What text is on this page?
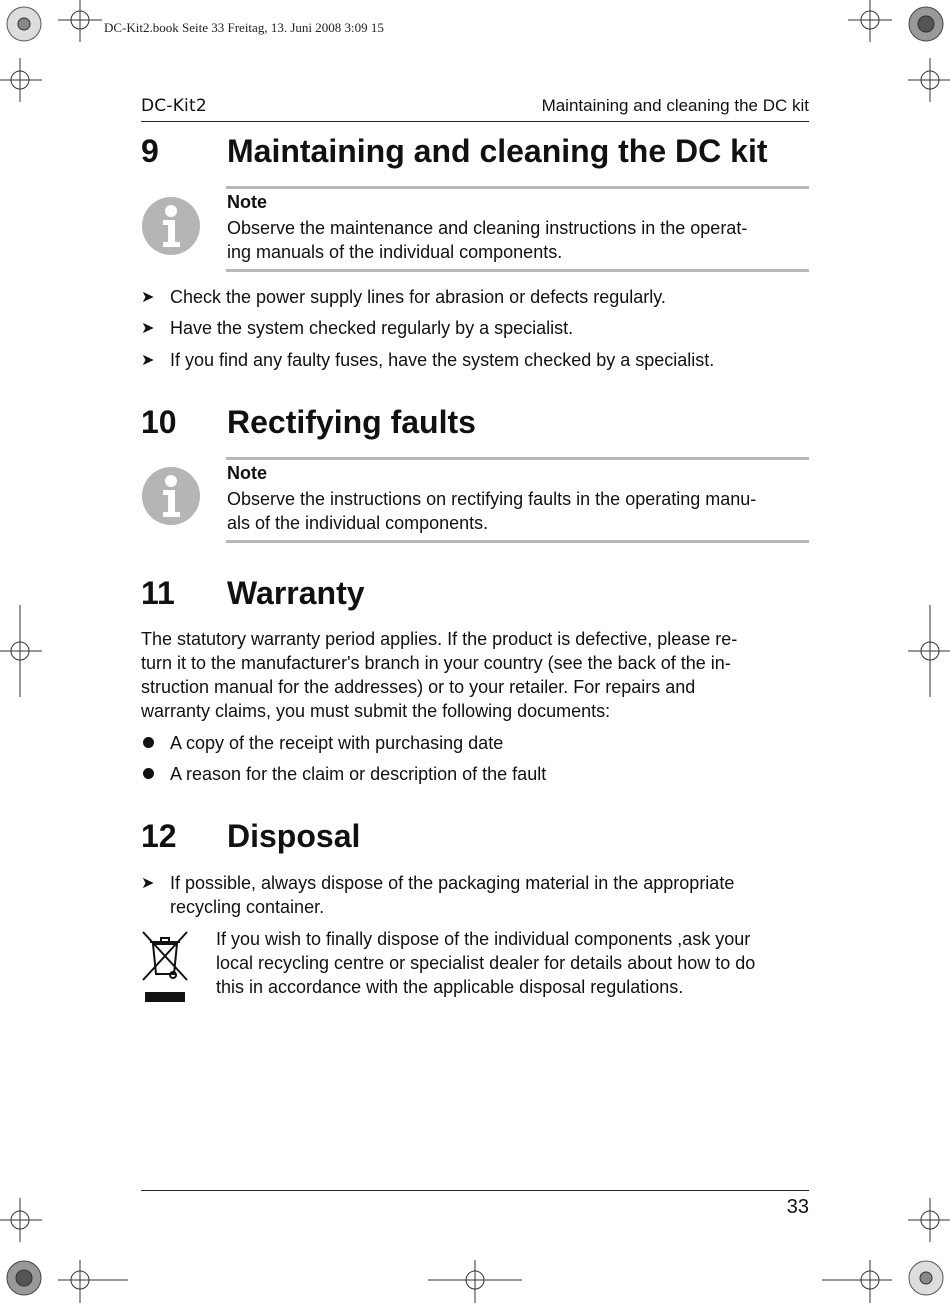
DC-Kit2.book Seite 33 Freitag, 13. Juni 2008 3:09 15
DC-Kit2	Maintaining and cleaning the DC kit
9 Maintaining and cleaning the DC kit
Note
Observe the maintenance and cleaning instructions in the operat-
ing manuals of the individual components.
➤ Check the power supply lines for abrasion or defects regularly.
➤ Have the system checked regularly by a specialist.
➤ If you find any faulty fuses, have the system checked by a specialist.
10 Rectifying faults
Note
Observe the instructions on rectifying faults in the operating manu-
als of the individual components.
11 Warranty
The statutory warranty period applies. If the product is defective, please re-
turn it to the manufacturer's branch in your country (see the back of the in-
struction manual for the addresses) or to your retailer. For repairs and
warranty claims, you must submit the following documents:
A copy of the receipt with purchasing date
A reason for the claim or description of the fault
12 Disposal
➤ If possible, always dispose of the packaging material in the appropriate
recycling container.
If you wish to finally dispose of the individual components ,ask your
local recycling centre or specialist dealer for details about how to do
this in accordance with the applicable disposal regulations.
33
